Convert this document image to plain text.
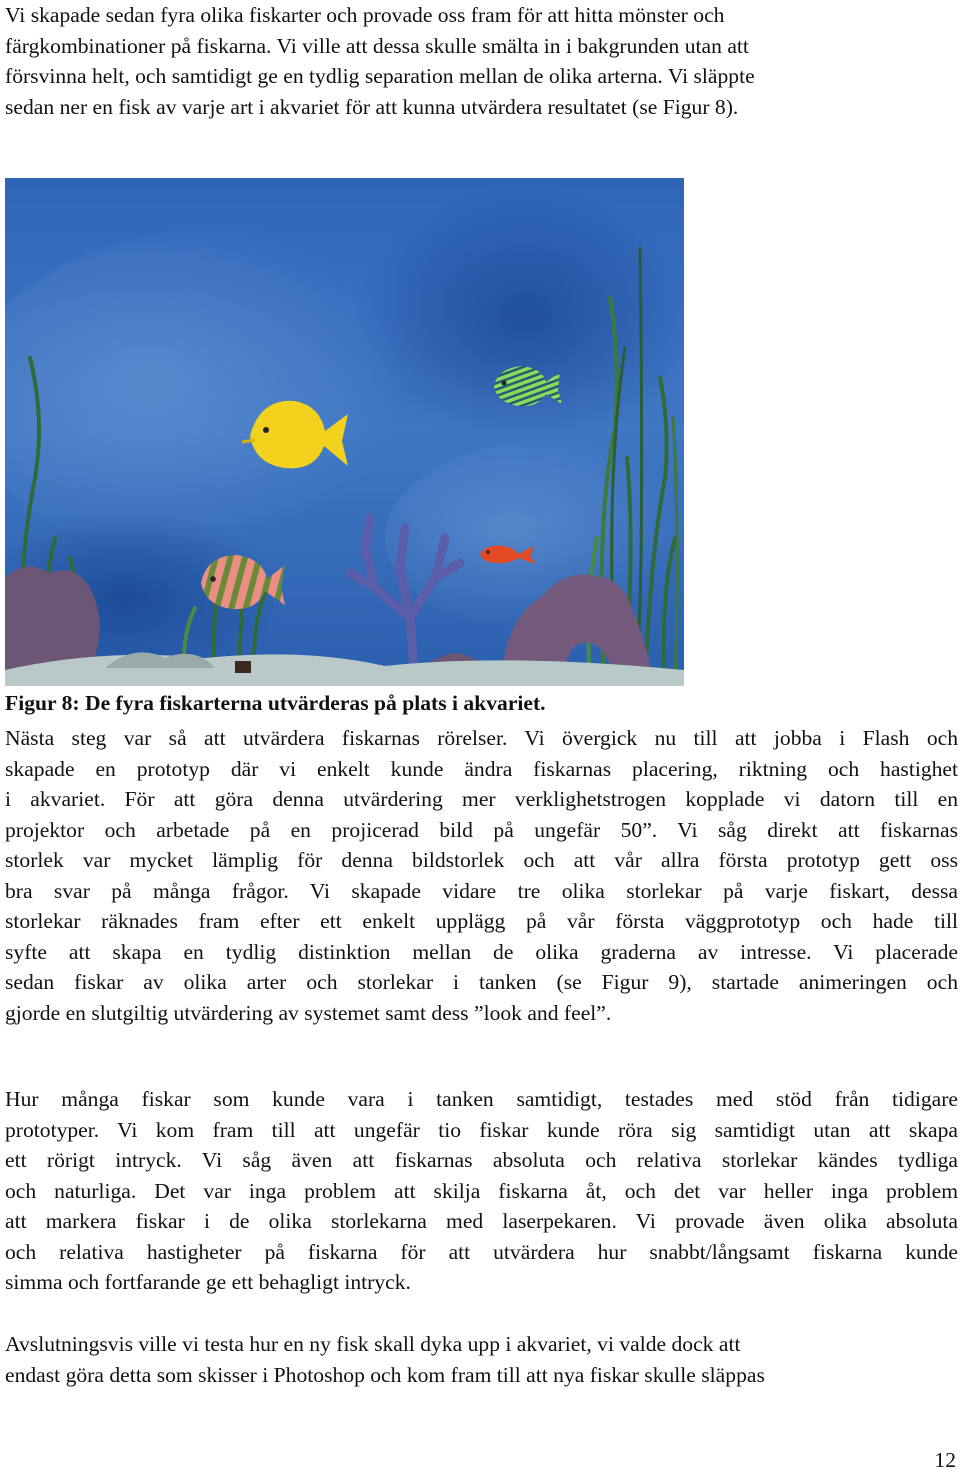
Vi skapade sedan fyra olika fiskarter och provade oss fram för att hitta mönster och
färgkombinationer på fiskarna. Vi ville att dessa skulle smälta in i bakgrunden utan att
försvinna helt, och samtidigt ge en tydlig separation mellan de olika arterna. Vi släppte
sedan ner en fisk av varje art i akvariet för att kunna utvärdera resultatet (se Figur 8).

Figur 8: De fyra fiskarterna utvärderas på plats i akvariet.

Nästa steg var så att utvärdera fiskarnas rörelser. Vi övergick nu till att jobba i Flash och
skapade en prototyp där vi enkelt kunde ändra fiskarnas placering, riktning och hastighet
i akvariet. För att göra denna utvärdering mer verklighetstrogen kopplade vi datorn till en
projektor och arbetade på en projicerad bild på ungefär 50”. Vi såg direkt att fiskarnas
storlek var mycket lämplig för denna bildstorlek och att vår allra första prototyp gett oss
bra svar på många frågor. Vi skapade vidare tre olika storlekar på varje fiskart, dessa
storlekar räknades fram efter ett enkelt upplägg på vår första väggprototyp och hade till
syfte att skapa en tydlig distinktion mellan de olika graderna av intresse. Vi placerade
sedan fiskar av olika arter och storlekar i tanken (se Figur 9), startade animeringen och
gjorde en slutgiltig utvärdering av systemet samt dess ”look and feel”.

Hur många fiskar som kunde vara i tanken samtidigt, testades med stöd från tidigare
prototyper. Vi kom fram till att ungefär tio fiskar kunde röra sig samtidigt utan att skapa
ett rörigt intryck. Vi såg även att fiskarnas absoluta och relativa storlekar kändes tydliga
och naturliga. Det var inga problem att skilja fiskarna åt, och det var heller inga problem
att markera fiskar i de olika storlekarna med laserpekaren. Vi provade även olika absoluta
och relativa hastigheter på fiskarna för att utvärdera hur snabbt/långsamt fiskarna kunde
simma och fortfarande ge ett behagligt intryck.

Avslutningsvis ville vi testa hur en ny fisk skall dyka upp i akvariet, vi valde dock att
endast göra detta som skisser i Photoshop och kom fram till att nya fiskar skulle släppas

12
